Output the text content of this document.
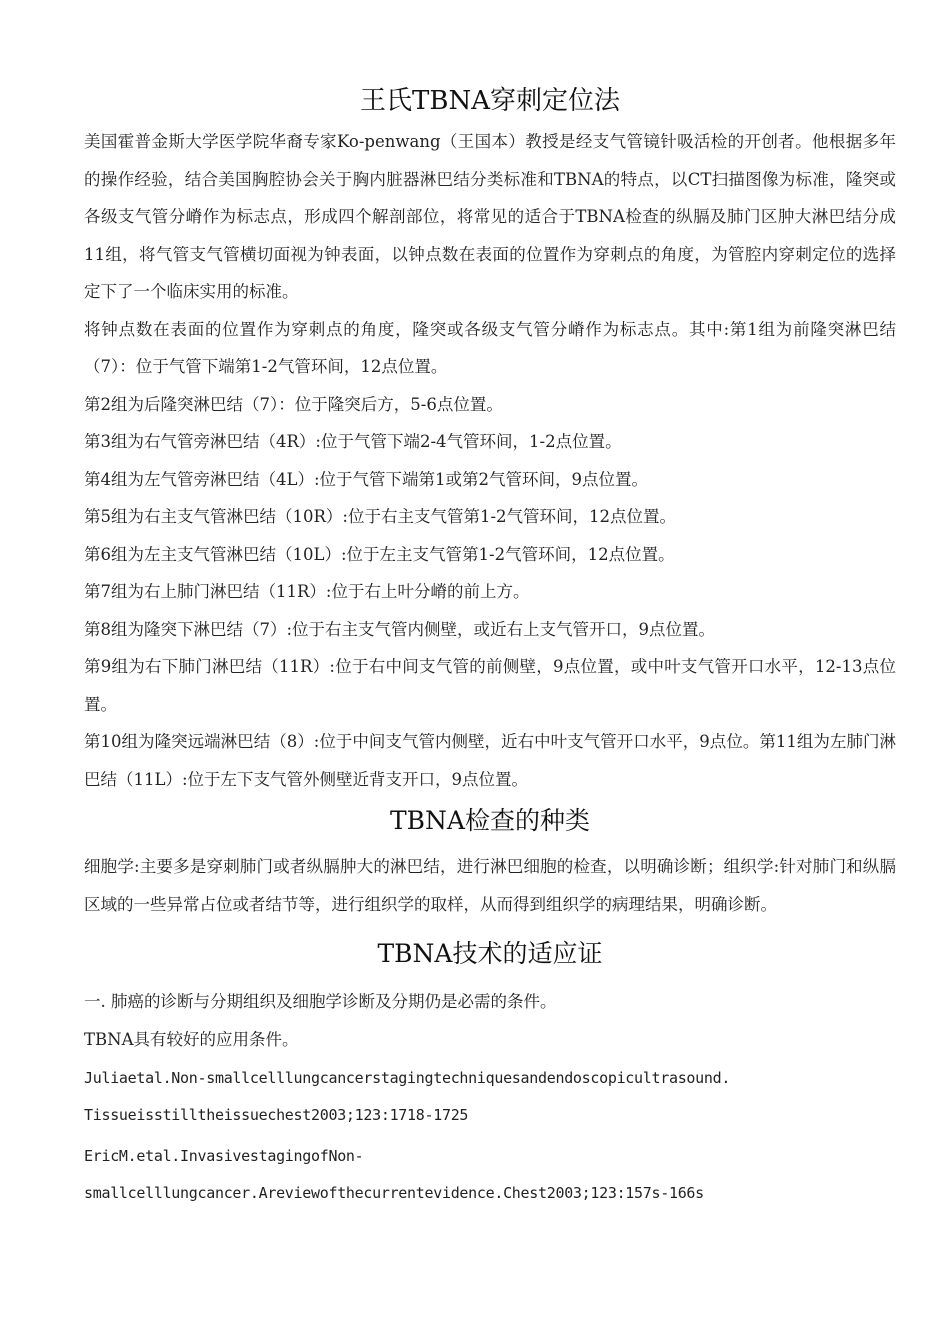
王氏TBNA穿刺定位法

美国霍普金斯大学医学院华裔专家Ko-penwang（王国本）教授是经支气管镜针吸活检的开创者。他根据多年的操作经验，结合美国胸腔协会关于胸内脏器淋巴结分类标准和TBNA的特点，以CT扫描图像为标准，隆突或各级支气管分嵴作为标志点，形成四个解剖部位，将常见的适合于TBNA检查的纵膈及肺门区肿大淋巴结分成11组，将气管支气管横切面视为钟表面，以钟点数在表面的位置作为穿刺点的角度，为管腔内穿刺定位的选择定下了一个临床实用的标准。

将钟点数在表面的位置作为穿刺点的角度，隆突或各级支气管分嵴作为标志点。其中:第1组为前隆突淋巴结（7）：位于气管下端第1-2气管环间，12点位置。

第2组为后隆突淋巴结（7）：位于隆突后方，5-6点位置。

第3组为右气管旁淋巴结（4R）:位于气管下端2-4气管环间，1-2点位置。

第4组为左气管旁淋巴结（4L）:位于气管下端第1或第2气管环间，9点位置。

第5组为右主支气管淋巴结（10R）:位于右主支气管第1-2气管环间，12点位置。

第6组为左主支气管淋巴结（10L）:位于左主支气管第1-2气管环间，12点位置。

第7组为右上肺门淋巴结（11R）:位于右上叶分嵴的前上方。

第8组为隆突下淋巴结（7）:位于右主支气管内侧壁，或近右上支气管开口，9点位置。

第9组为右下肺门淋巴结（11R）:位于右中间支气管的前侧壁，9点位置，或中叶支气管开口水平，12-13点位置。

第10组为隆突远端淋巴结（8）:位于中间支气管内侧壁，近右中叶支气管开口水平，9点位。第11组为左肺门淋巴结（11L）:位于左下支气管外侧壁近背支开口，9点位置。

TBNA检查的种类

细胞学:主要多是穿刺肺门或者纵膈肿大的淋巴结，进行淋巴细胞的检查，以明确诊断；组织学:针对肺门和纵膈区域的一些异常占位或者结节等，进行组织学的取样，从而得到组织学的病理结果，明确诊断。

TBNA技术的适应证

一. 肺癌的诊断与分期组织及细胞学诊断及分期仍是必需的条件。

TBNA具有较好的应用条件。

Juliaetal.Non-smallcelllungcancerstagingtechniquesandendoscopicultrasound.

Tissueisstilltheissuechest2003;123:1718-1725

EricM.etal.InvasivestagingofNon-

smallcelllungcancer.Areviewofthecurrentevidence.Chest2003;123:157s-166s
